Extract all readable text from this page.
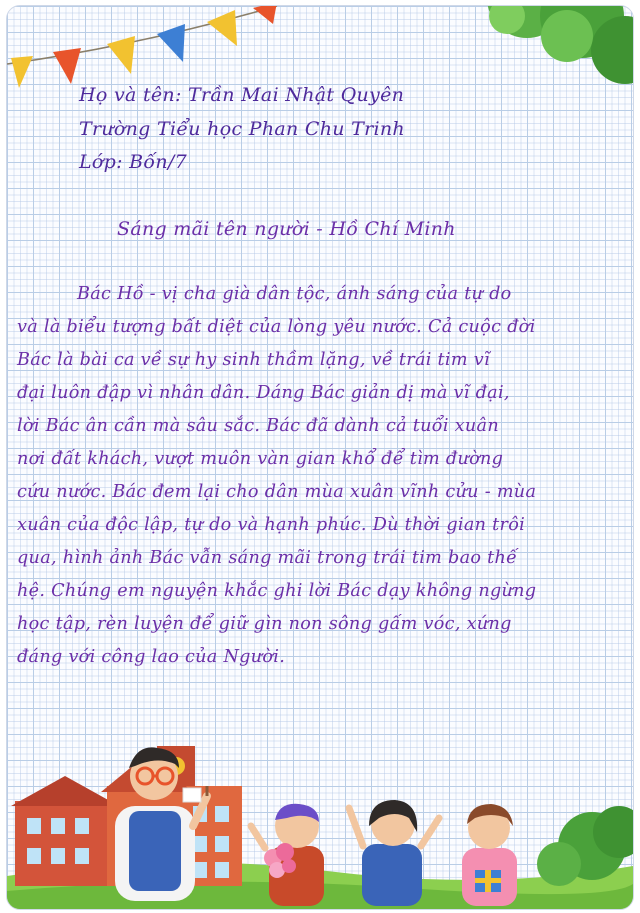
Họ và tên: Trần Mai Nhật Quyên
Trường Tiểu học Phan Chu Trinh
Lớp: Bốn/7
Sáng mãi tên người - Hồ Chí Minh
Bác Hồ - vị cha già dân tộc, ánh sáng của tự do
và là biểu tượng bất diệt của lòng yêu nước. Cả cuộc đời
Bác là bài ca về sự hy sinh thầm lặng, về trái tim vĩ
đại luôn đập vì nhân dân. Dáng Bác giản dị mà vĩ đại,
lời Bác ân cần mà sâu sắc. Bác đã dành cả tuổi xuân
nơi đất khách, vượt muôn vàn gian khổ để tìm đường
cứu nước. Bác đem lại cho dân mùa xuân vĩnh cửu - mùa
xuân của độc lập, tự do và hạnh phúc. Dù thời gian trôi
qua, hình ảnh Bác vẫn sáng mãi trong trái tim bao thế
hệ. Chúng em nguyện khắc ghi lời Bác dạy không ngừng
học tập, rèn luyện để giữ gìn non sông gấm vóc, xứng
đáng với công lao của Người.
